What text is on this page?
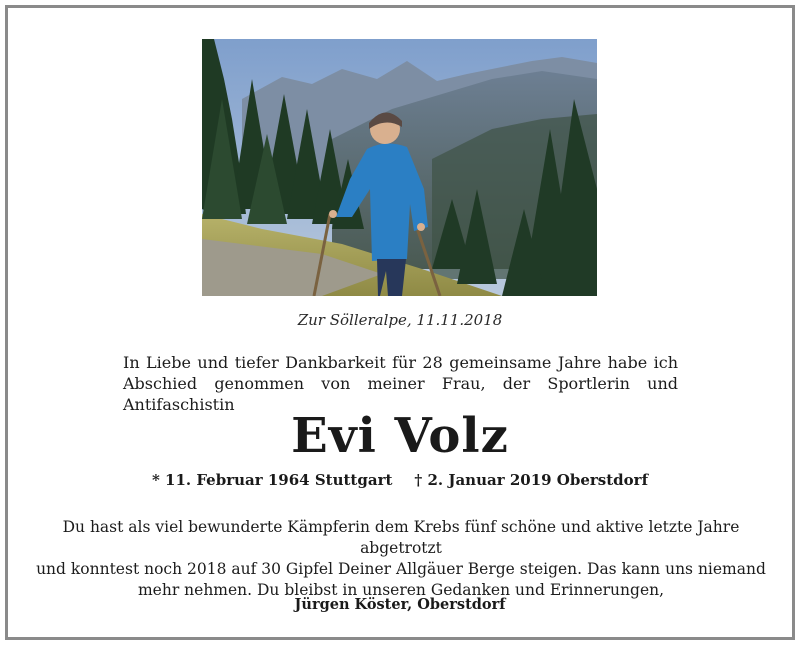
Zur Sölleralpe, 11.11.2018
In Liebe und tiefer Dankbarkeit für 28 gemeinsame Jahre habe ich
Abschied genommen von meiner Frau, der Sportlerin und Antifaschistin
Evi Volz
* 11. Februar 1964 Stuttgart † 2. Januar 2019 Oberstdorf
Du hast als viel bewunderte Kämpferin dem Krebs fünf schöne und aktive letzte Jahre abgetrotzt
und konntest noch 2018 auf 30 Gipfel Deiner Allgäuer Berge steigen. Das kann uns niemand
mehr nehmen. Du bleibst in unseren Gedanken und Erinnerungen,
Jürgen Köster, Oberstdorf
